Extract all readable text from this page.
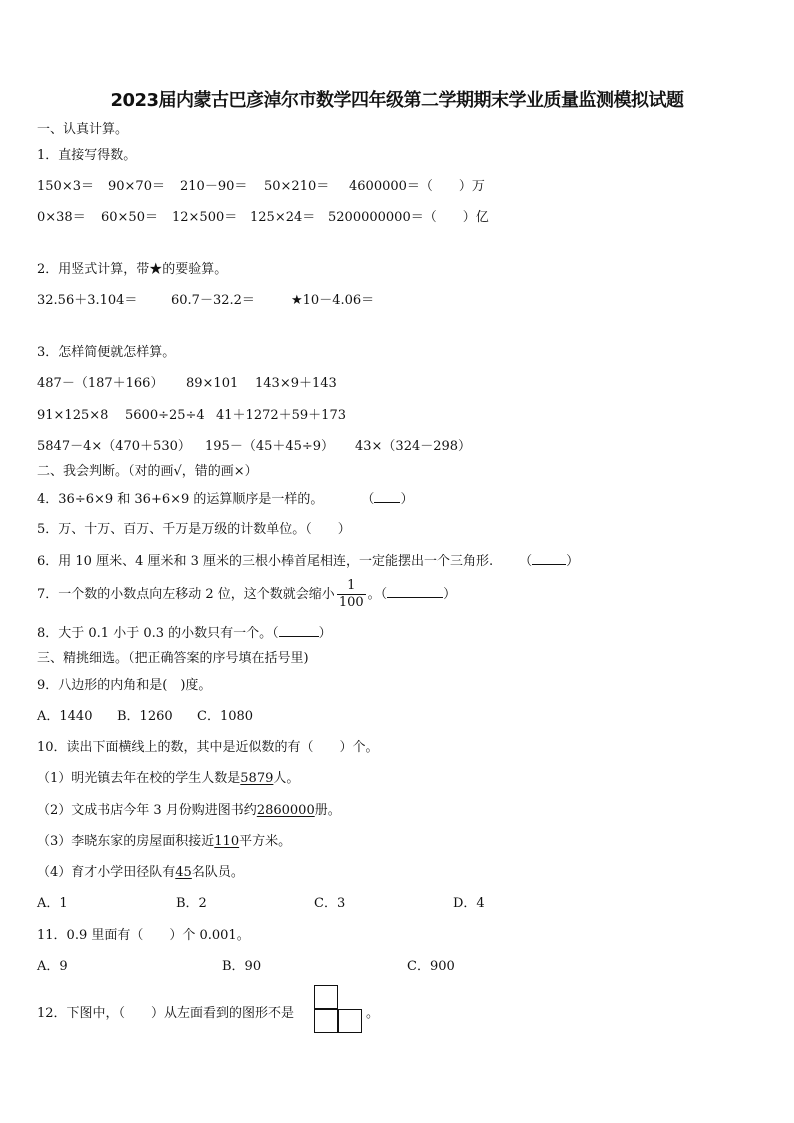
2023届内蒙古巴彦淖尔市数学四年级第二学期期末学业质量监测模拟试题
一、认真计算。
1．直接写得数。
150×3＝ 90×70＝ 210－90＝ 50×210＝ 4600000＝（　　）万
0×38＝ 60×50＝ 12×500＝ 125×24＝ 5200000000＝（　　）亿
2．用竖式计算，带★的要验算。
32.56＋3.104＝	60.7－32.2＝	★10－4.06＝
3．怎样简便就怎样算。
487－（187＋166） 89×101 143×9＋143
91×125×8 5600÷25÷4 41＋1272＋59＋173
5847－4×（470＋530） 195－（45＋45÷9） 43×（324－298）
二、我会判断。（对的画√，错的画×）
4．36÷6×9 和 36+6×9 的运算顺序是一样的。	（ ）
5．万、十万、百万、千万是万级的计数单位。（　　）
6．用 10 厘米、4 厘米和 3 厘米的三根小棒首尾相连，一定能摆出一个三角形. （	）
7．一个数的小数点向左移动 2 位，这个数就会缩小 $\frac{1}{100}$ 。（	）
8．大于 0.1 小于 0.3 的小数只有一个。（	）
三、精挑细选。（把正确答案的序号填在括号里)
9．八边形的内角和是(　)度。
A．1440 B．1260 C．1080
10．读出下面横线上的数，其中是近似数的有（　　）个。
（1）明光镇去年在校的学生人数是5879人。
（2）文成书店今年 3 月份购进图书约2860000册。
（3）李晓东家的房屋面积接近110平方米。
（4）育才小学田径队有45名队员。
A．1	B．2	C．3	D．4
11．0.9 里面有（　　）个 0.001。
A．9	B．90	C．900
12．下图中，（　　）从左面看到的图形不是	。
